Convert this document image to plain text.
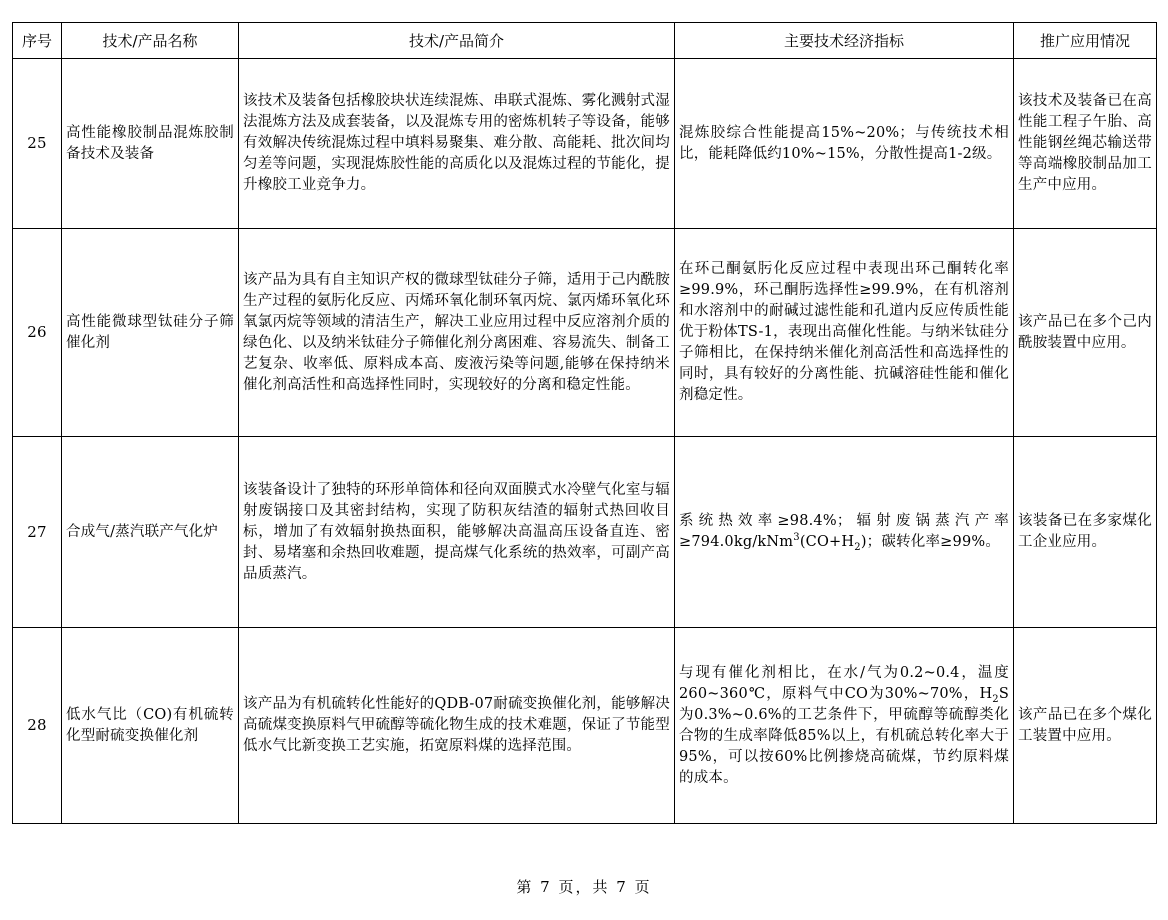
序号	技术/产品名称	技术/产品简介	主要技术经济指标	推广应用情况
25	高性能橡胶制品混炼胶制备技术及装备	该技术及装备包括橡胶块状连续混炼、串联式混炼、雾化溅射式湿法混炼方法及成套装备，以及混炼专用的密炼机转子等设备，能够有效解决传统混炼过程中填料易聚集、难分散、高能耗、批次间均匀差等问题，实现混炼胶性能的高质化以及混炼过程的节能化，提升橡胶工业竞争力。	混炼胶综合性能提高15%~20%；与传统技术相比，能耗降低约10%~15%，分散性提高1-2级。	该技术及装备已在高性能工程子午胎、高性能钢丝绳芯输送带等高端橡胶制品加工生产中应用。
26	高性能微球型钛硅分子筛催化剂	该产品为具有自主知识产权的微球型钛硅分子筛，适用于己内酰胺生产过程的氨肟化反应、丙烯环氧化制环氧丙烷、氯丙烯环氧化环氧氯丙烷等领域的清洁生产，解决工业应用过程中反应溶剂介质的绿色化、以及纳米钛硅分子筛催化剂分离困难、容易流失、制备工艺复杂、收率低、原料成本高、废液污染等问题,能够在保持纳米催化剂高活性和高选择性同时，实现较好的分离和稳定性能。	在环己酮氨肟化反应过程中表现出环己酮转化率≥99.9%，环己酮肟选择性≥99.9%，在有机溶剂和水溶剂中的耐碱过滤性能和孔道内反应传质性能优于粉体TS-1，表现出高催化性能。与纳米钛硅分子筛相比，在保持纳米催化剂高活性和高选择性的同时，具有较好的分离性能、抗碱溶硅性能和催化剂稳定性。	该产品已在多个己内酰胺装置中应用。
27	合成气/蒸汽联产气化炉	该装备设计了独特的环形单筒体和径向双面膜式水冷壁气化室与辐射废锅接口及其密封结构，实现了防积灰结渣的辐射式热回收目标，增加了有效辐射换热面积，能够解决高温高压设备直连、密封、易堵塞和余热回收难题，提高煤气化系统的热效率，可副产高品质蒸汽。	系统热效率≥98.4%；辐射废锅蒸汽产率$\ge 794.0kg/kNm^3(CO+H_2)$；碳转化率≥99%。	该装备已在多家煤化工企业应用。
28	低水气比（CO)有机硫转化型耐硫变换催化剂	该产品为有机硫转化性能好的QDB-07耐硫变换催化剂，能够解决高硫煤变换原料气甲硫醇等硫化物生成的技术难题，保证了节能型低水气比新变换工艺实施，拓宽原料煤的选择范围。	与现有催化剂相比，在水/气为0.2~0.4，温度260~360℃，原料气中CO为30%~70%，$H_2S$为0.3%~0.6%的工艺条件下，甲硫醇等硫醇类化合物的生成率降低85%以上，有机硫总转化率大于95%，可以按60%比例掺烧高硫煤，节约原料煤的成本。	该产品已在多个煤化工装置中应用。
第 7 页，共 7 页
